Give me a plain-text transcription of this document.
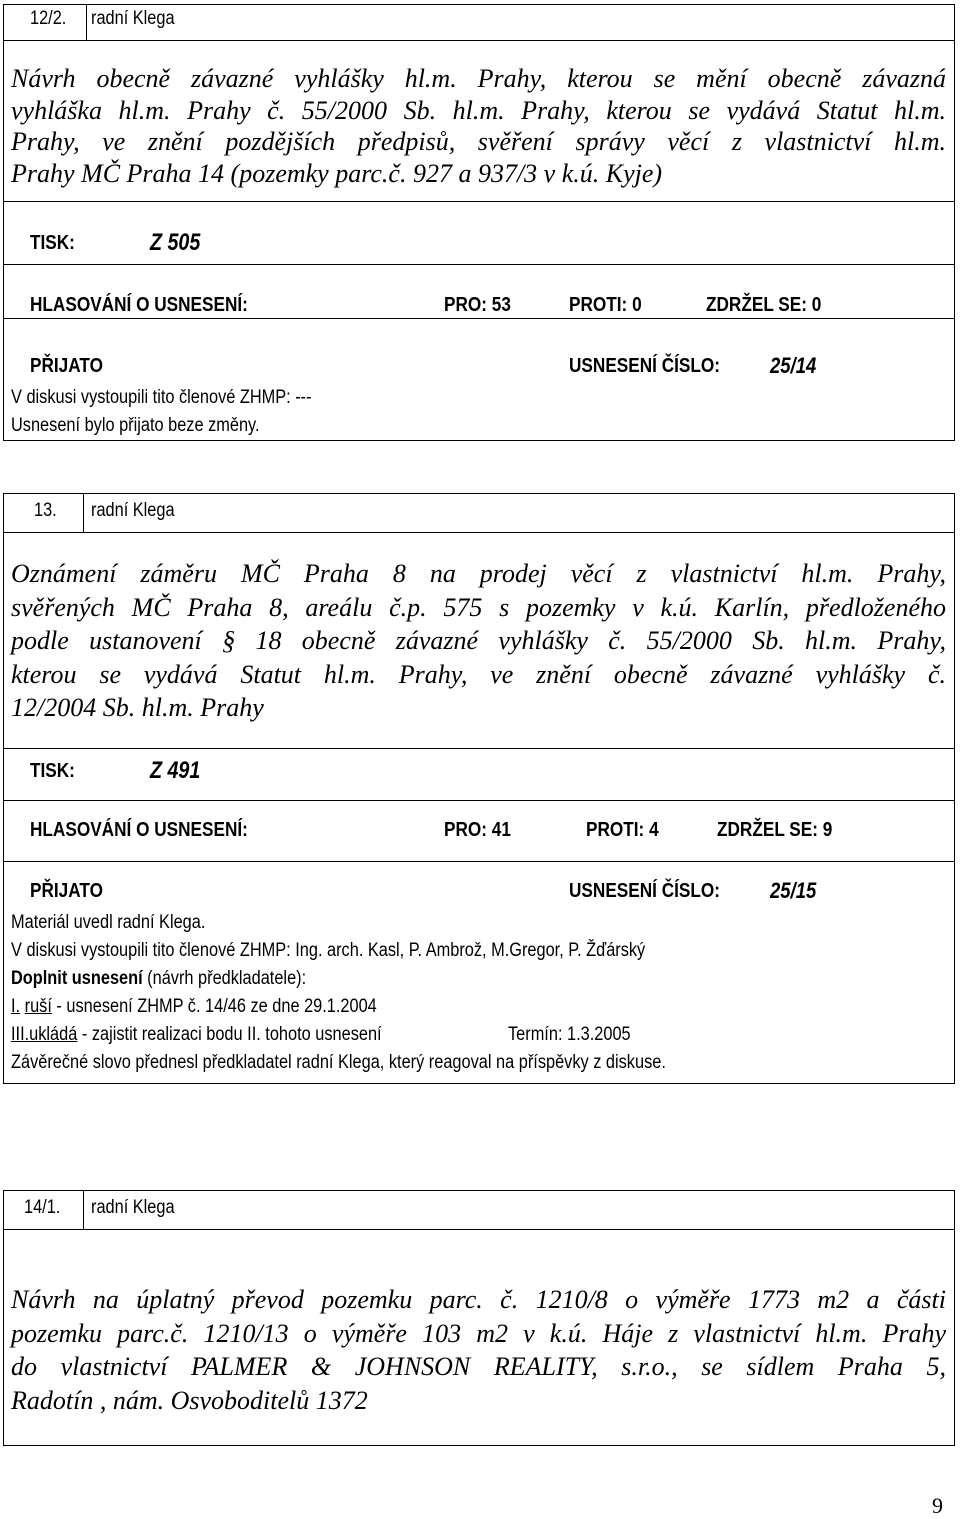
12/2. radní Klega
Návrh obecně závazné vyhlášky hl.m. Prahy, kterou se mění obecně závazná
vyhláška hl.m. Prahy č. 55/2000 Sb. hl.m. Prahy, kterou se vydává Statut hl.m.
Prahy, ve znění pozdějších předpisů, svěření správy věcí z vlastnictví hl.m.
Prahy MČ Praha 14 (pozemky parc.č. 927 a 937/3 v k.ú. Kyje)
TISK:	Z 505
HLASOVÁNÍ O USNESENÍ:	PRO: 53	PROTI: 0	ZDRŽEL SE: 0
PŘIJATO	USNESENÍ ČÍSLO: 25/14
V diskusi vystoupili tito členové ZHMP: ---
Usnesení bylo přijato beze změny.
13. radní Klega
Oznámení záměru MČ Praha 8 na prodej věcí z vlastnictví hl.m. Prahy,
svěřených MČ Praha 8, areálu č.p. 575 s pozemky v k.ú. Karlín, předloženého
podle ustanovení § 18 obecně závazné vyhlášky č. 55/2000 Sb. hl.m. Prahy,
kterou se vydává Statut hl.m. Prahy, ve znění obecně závazné vyhlášky č.
12/2004 Sb. hl.m. Prahy
TISK:	Z 491
HLASOVÁNÍ O USNESENÍ:	PRO: 41	PROTI: 4	ZDRŽEL SE: 9
PŘIJATO	USNESENÍ ČÍSLO: 25/15
Materiál uvedl radní Klega.
V diskusi vystoupili tito členové ZHMP: Ing. arch. Kasl, P. Ambrož, M.Gregor, P. Žďárský
Doplnit usnesení (návrh předkladatele):
I. ruší - usnesení ZHMP č. 14/46 ze dne 29.1.2004
III.ukládá - zajistit realizaci bodu II. tohoto usnesení	Termín: 1.3.2005
Závěrečné slovo přednesl předkladatel radní Klega, který reagoval na příspěvky z diskuse.
14/1. radní Klega
Návrh na úplatný převod pozemku parc. č. 1210/8 o výměře 1773 m2 a části
pozemku parc.č. 1210/13 o výměře 103 m2 v k.ú. Háje z vlastnictví hl.m. Prahy
do vlastnictví PALMER & JOHNSON REALITY, s.r.o., se sídlem Praha 5,
Radotín , nám. Osvoboditelů 1372
9
